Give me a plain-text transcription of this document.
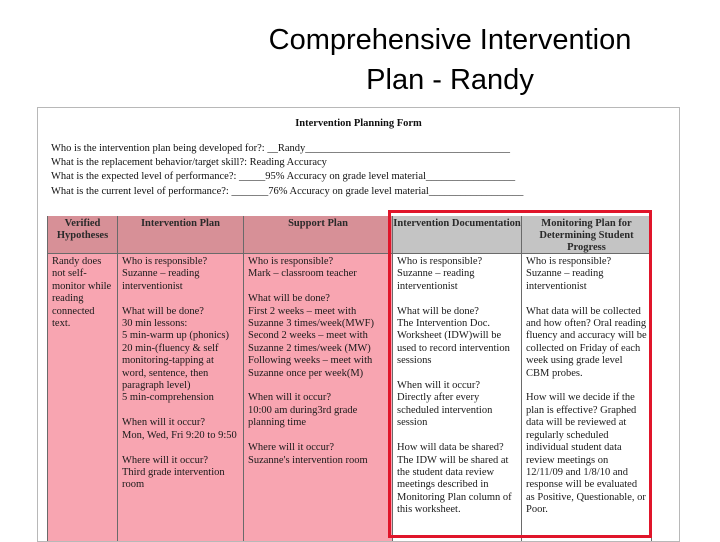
Comprehensive Intervention
Plan - Randy
Intervention Planning Form
Who is the intervention plan being developed for?: __Randy_______________________________________
What is the replacement behavior/target skill?: Reading Accuracy
What is the expected level of performance?: _____95% Accuracy on grade level material_________________
What is the current level of performance?: _______76% Accuracy on grade level material__________________
Verified Hypotheses
Randy does not self-monitor while reading connected text.
Intervention Plan
Who is responsible?
Suzanne – reading interventionist

What will be done?
30 min lessons:
5 min-warm up (phonics)
20 min-(fluency & self monitoring-tapping at word, sentence, then paragraph level)
5 min-comprehension

When will it occur?
Mon, Wed, Fri 9:20 to 9:50

Where will it occur?
Third grade intervention room
Support Plan
Who is responsible?
Mark – classroom teacher

What will be done?
First 2 weeks – meet with Suzanne 3 times/week(MWF)
Second 2 weeks – meet with Suzanne 2 times/week (MW)
Following weeks – meet with Suzanne once per week(M)

When will it occur?
10:00 am during3rd grade planning time

Where will it occur?
Suzanne's intervention room
Intervention Documentation
Who is responsible?
Suzanne – reading interventionist

What will be done?
The Intervention Doc. Worksheet (IDW)will be used to record intervention sessions

When will it occur?
Directly after every scheduled intervention session

How will data be shared?
The IDW will be shared at the student data review meetings described in Monitoring Plan column of this worksheet.
Monitoring Plan for Determining Student Progress
Who is responsible?
Suzanne – reading interventionist

What data will be collected and how often? Oral reading fluency and accuracy will be collected on Friday of each week using grade level CBM probes.

How will we decide if the plan is effective? Graphed data will be reviewed at regularly scheduled individual student data review meetings on 12/11/09 and 1/8/10 and response will be evaluated as Positive, Questionable, or Poor.
